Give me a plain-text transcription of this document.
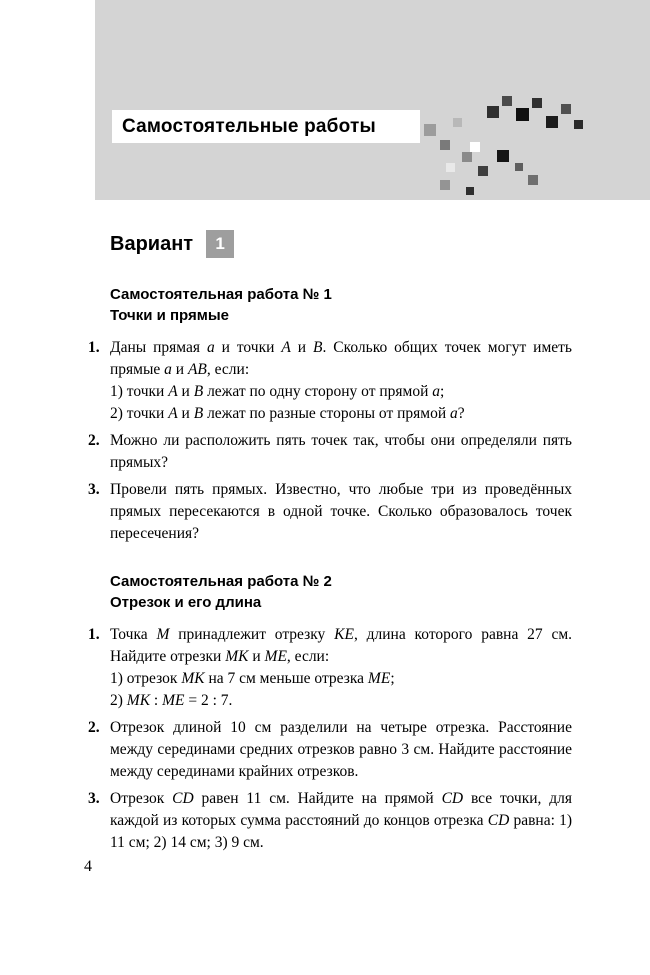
Самостоятельные работы
Вариант	1
Самостоятельная работа № 1
Точки и прямые
1. Даны прямая a и точки A и B. Сколько общих точек могут иметь прямые a и AB, если:
1) точки A и B лежат по одну сторону от прямой a;
2) точки A и B лежат по разные стороны от прямой a?
2. Можно ли расположить пять точек так, чтобы они определяли пять прямых?
3. Провели пять прямых. Известно, что любые три из проведённых прямых пересекаются в одной точке. Сколько образовалось точек пересечения?
Самостоятельная работа № 2
Отрезок и его длина
1. Точка M принадлежит отрезку KE, длина которого равна 27 см. Найдите отрезки MK и ME, если:
1) отрезок MK на 7 см меньше отрезка ME;
2) MK : ME = 2 : 7.
2. Отрезок длиной 10 см разделили на четыре отрезка. Расстояние между серединами средних отрезков равно 3 см. Найдите расстояние между серединами крайних отрезков.
3. Отрезок CD равен 11 см. Найдите на прямой CD все точки, для каждой из которых сумма расстояний до концов отрезка CD равна: 1) 11 см; 2) 14 см; 3) 9 см.
4
